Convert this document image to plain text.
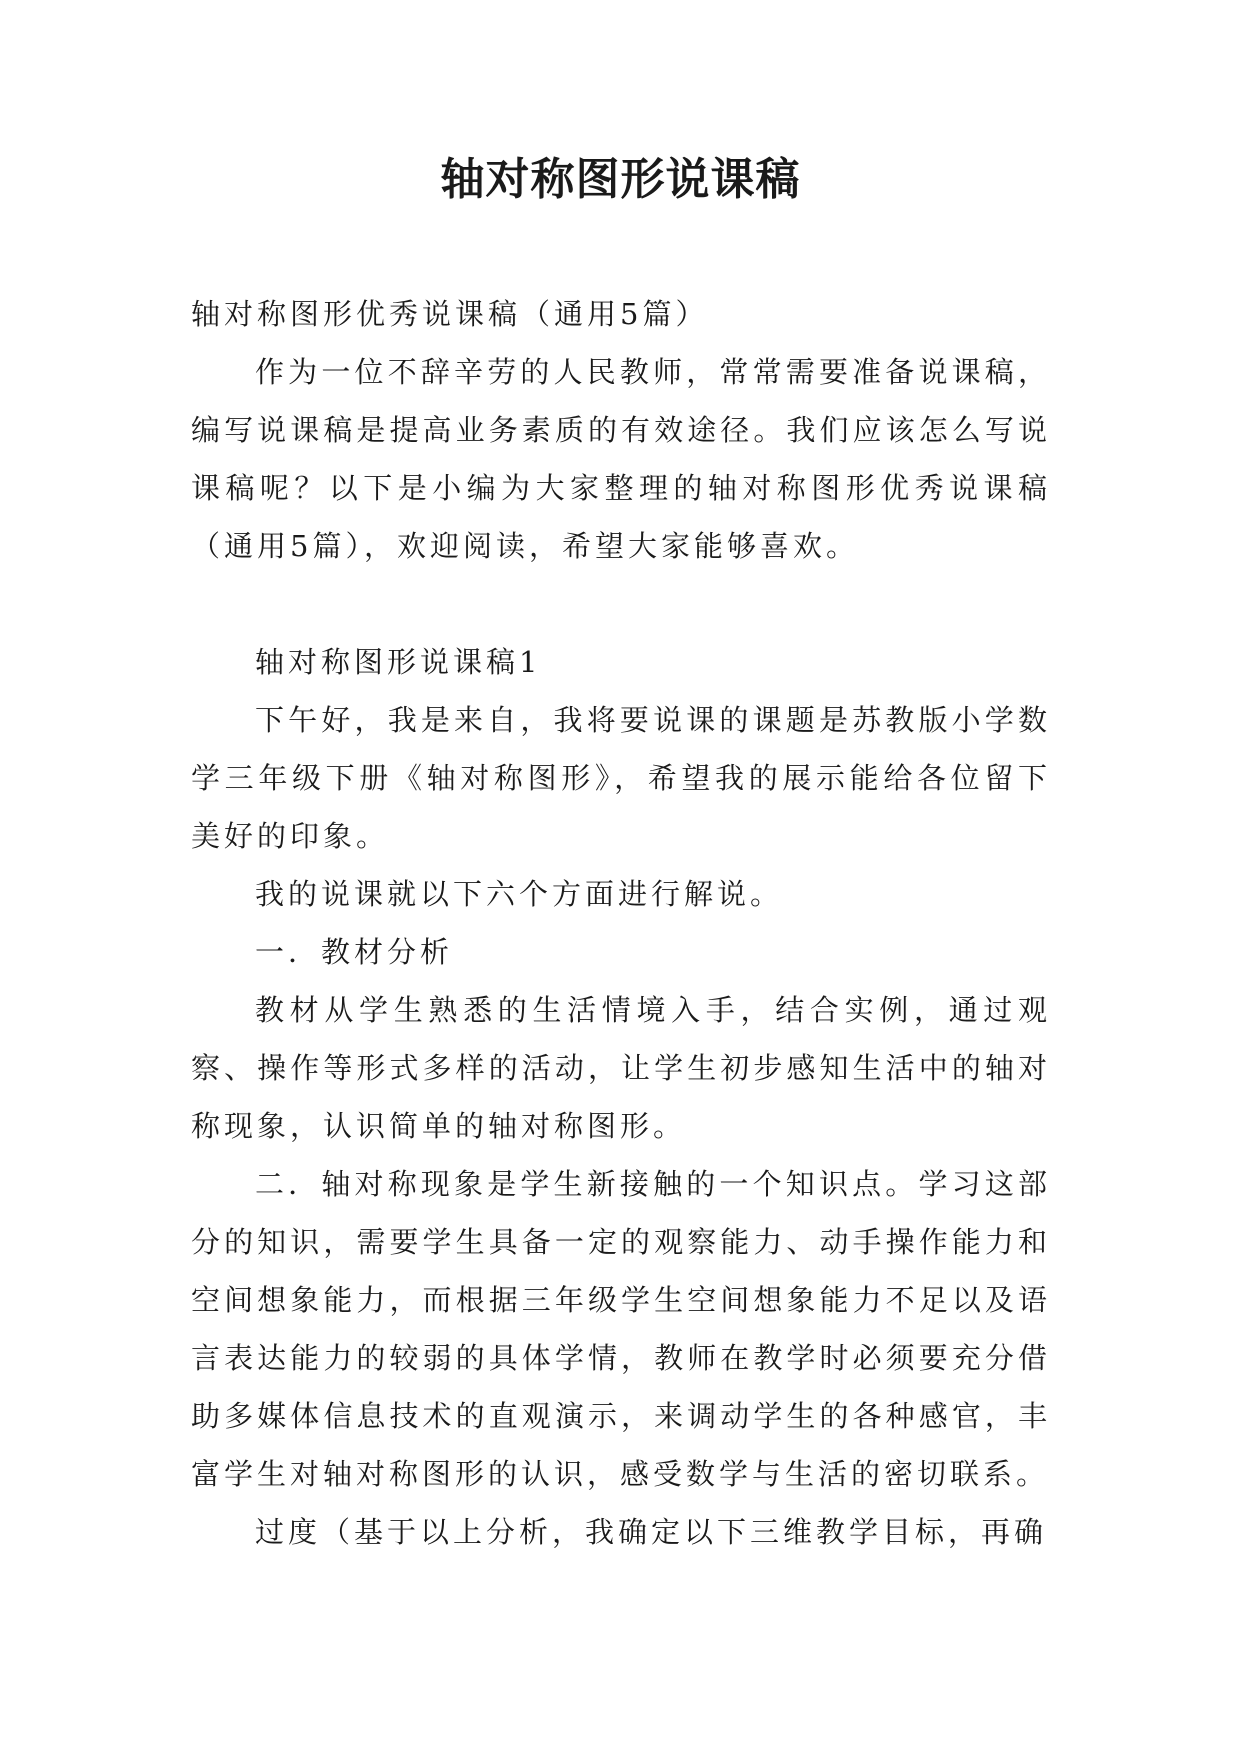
轴对称图形说课稿

轴对称图形优秀说课稿（通用5篇）

作为一位不辞辛劳的人民教师，常常需要准备说课稿，编写说课稿是提高业务素质的有效途径。我们应该怎么写说课稿呢？以下是小编为大家整理的轴对称图形优秀说课稿（通用5篇），欢迎阅读，希望大家能够喜欢。

轴对称图形说课稿1

下午好，我是来自，我将要说课的课题是苏教版小学数学三年级下册《轴对称图形》，希望我的展示能给各位留下美好的印象。

我的说课就以下六个方面进行解说。

一．教材分析

教材从学生熟悉的生活情境入手，结合实例，通过观察、操作等形式多样的活动，让学生初步感知生活中的轴对称现象，认识简单的轴对称图形。

二．轴对称现象是学生新接触的一个知识点。学习这部分的知识，需要学生具备一定的观察能力、动手操作能力和空间想象能力，而根据三年级学生空间想象能力不足以及语言表达能力的较弱的具体学情，教师在教学时必须要充分借助多媒体信息技术的直观演示，来调动学生的各种感官，丰富学生对轴对称图形的认识，感受数学与生活的密切联系。

过度（基于以上分析，我确定以下三维教学目标，再确
